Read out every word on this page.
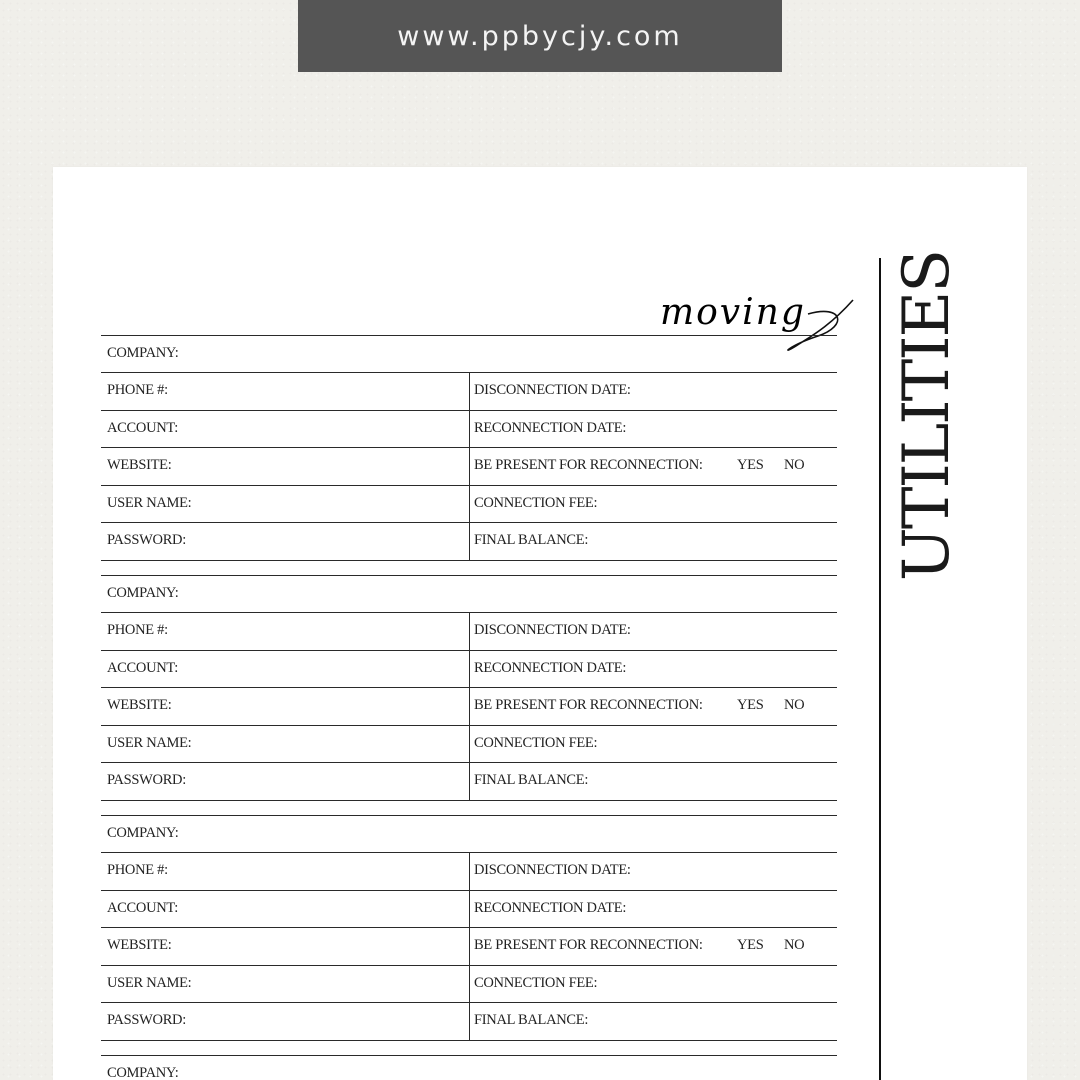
www.ppbycjy.com
moving UTILITIES
COMPANY:
PHONE #:
ACCOUNT:
WEBSITE:
USER NAME:
PASSWORD:
DISCONNECTION DATE:
RECONNECTION DATE:
BE PRESENT FOR RECONNECTION: YES NO
CONNECTION FEE:
FINAL BALANCE:
COMPANY:
PHONE #:
ACCOUNT:
WEBSITE:
USER NAME:
PASSWORD:
DISCONNECTION DATE:
RECONNECTION DATE:
BE PRESENT FOR RECONNECTION: YES NO
CONNECTION FEE:
FINAL BALANCE:
COMPANY:
PHONE #:
ACCOUNT:
WEBSITE:
USER NAME:
PASSWORD:
DISCONNECTION DATE:
RECONNECTION DATE:
BE PRESENT FOR RECONNECTION: YES NO
CONNECTION FEE:
FINAL BALANCE:
COMPANY:
